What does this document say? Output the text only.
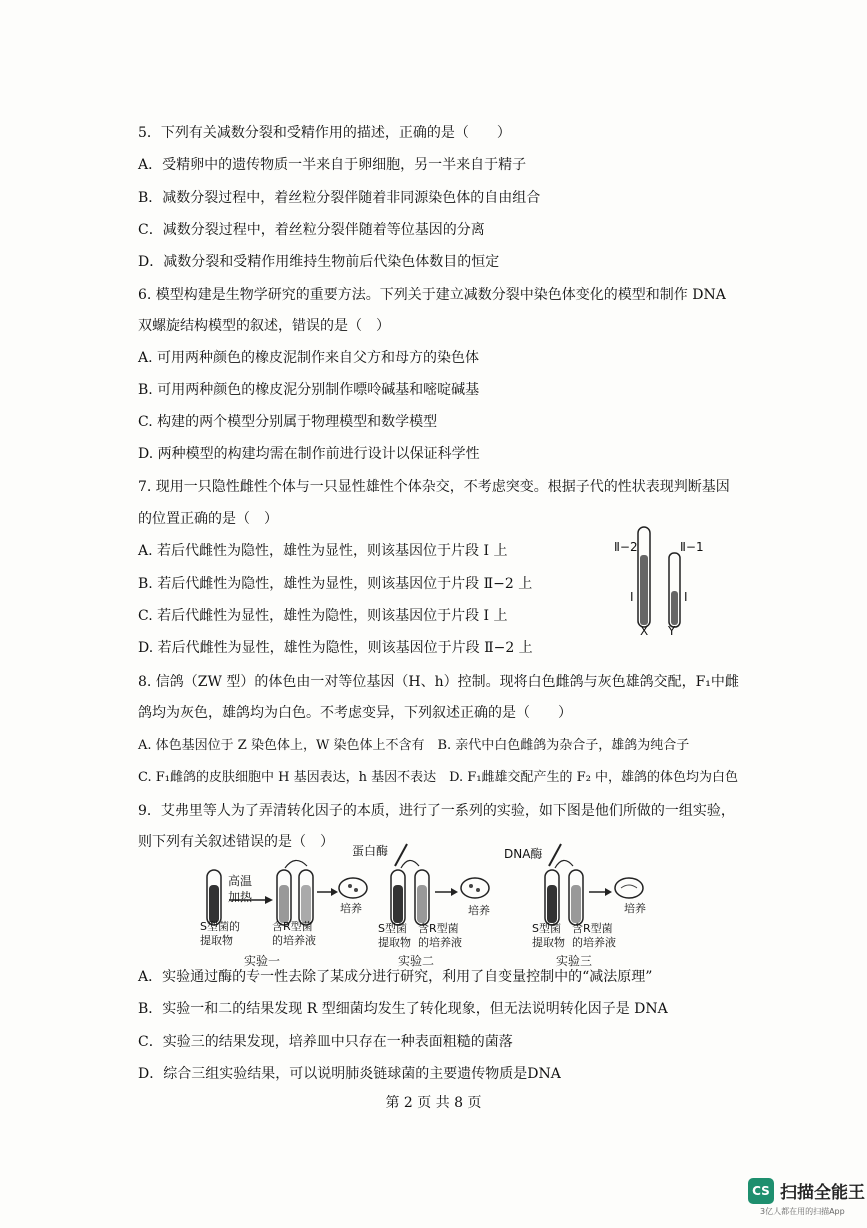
5．下列有关减数分裂和受精作用的描述，正确的是（　　）
A．受精卵中的遗传物质一半来自于卵细胞，另一半来自于精子
B．减数分裂过程中，着丝粒分裂伴随着非同源染色体的自由组合
C．减数分裂过程中，着丝粒分裂伴随着等位基因的分离
D．减数分裂和受精作用维持生物前后代染色体数目的恒定
6. 模型构建是生物学研究的重要方法。下列关于建立减数分裂中染色体变化的模型和制作 DNA
双螺旋结构模型的叙述，错误的是（　）
A. 可用两种颜色的橡皮泥制作来自父方和母方的染色体
B. 可用两种颜色的橡皮泥分别制作嘌呤碱基和嘧啶碱基
C. 构建的两个模型分别属于物理模型和数学模型
D. 两种模型的构建均需在制作前进行设计以保证科学性
7. 现用一只隐性雌性个体与一只显性雄性个体杂交，不考虑突变。根据子代的性状表现判断基因
的位置正确的是（　）
A. 若后代雌性为隐性，雄性为显性，则该基因位于片段 Ⅰ 上
B. 若后代雌性为隐性，雄性为显性，则该基因位于片段 Ⅱ−2 上
C. 若后代雌性为显性，雄性为隐性，则该基因位于片段 Ⅰ 上
D. 若后代雌性为显性，雄性为隐性，则该基因位于片段 Ⅱ−2 上
Ⅱ−2	Ⅱ−1
Ⅰ	Ⅰ
X Y
8. 信鸽（ZW 型）的体色由一对等位基因（H、h）控制。现将白色雌鸽与灰色雄鸽交配，F₁中雌
鸽均为灰色，雄鸽均为白色。不考虑变异，下列叙述正确的是（　　）
A. 体色基因位于 Z 染色体上，W 染色体上不含有　B. 亲代中白色雌鸽为杂合子，雄鸽为纯合子
C. F₁雌鸽的皮肤细胞中 H 基因表达，h 基因不表达　D. F₁雌雄交配产生的 F₂ 中，雄鸽的体色均为白色
9．艾弗里等人为了弄清转化因子的本质，进行了一系列的实验，如下图是他们所做的一组实验，
则下列有关叙述错误的是（　）
高温
加热
蛋白酶	DNA酶
S型菌的
提取物
含R型菌
的培养液
培养
S型菌
提取物
含R型菌
的培养液
培养
S型菌
提取物
含R型菌
的培养液
培养
实验一	实验二	实验三
A．实验通过酶的专一性去除了某成分进行研究，利用了自变量控制中的“减法原理”
B．实验一和二的结果发现 R 型细菌均发生了转化现象，但无法说明转化因子是 DNA
C．实验三的结果发现，培养皿中只存在一种表面粗糙的菌落
D．综合三组实验结果，可以说明肺炎链球菌的主要遗传物质是DNA
第 2 页 共 8 页
CS 扫描全能王
3亿人都在用的扫描App
